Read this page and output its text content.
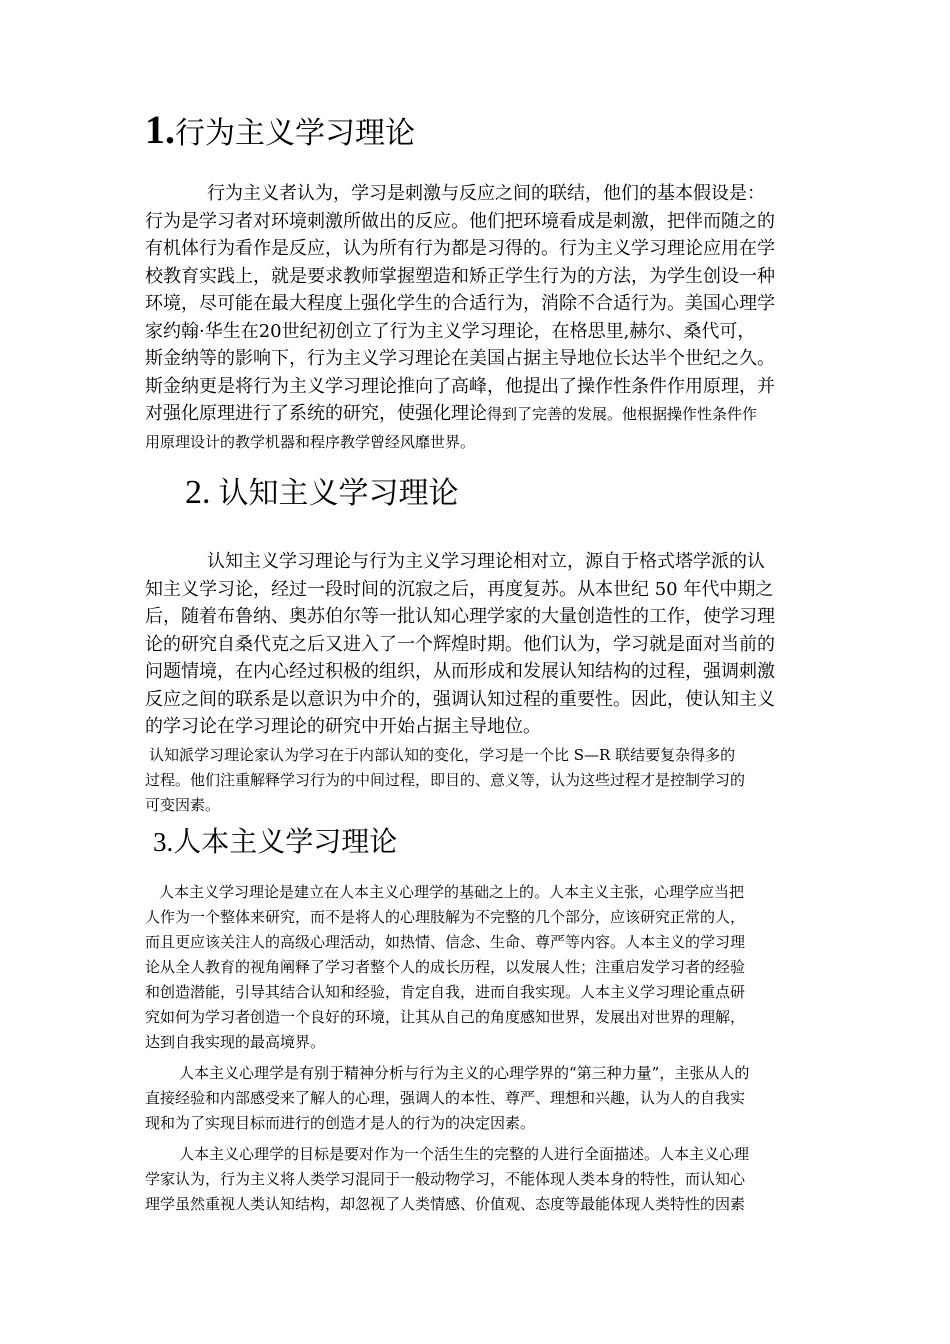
1.行为主义学习理论
行为主义者认为，学习是刺激与反应之间的联结，他们的基本假设是：
行为是学习者对环境刺激所做出的反应。他们把环境看成是刺激，把伴而随之的
有机体行为看作是反应，认为所有行为都是习得的。行为主义学习理论应用在学
校教育实践上，就是要求教师掌握塑造和矫正学生行为的方法，为学生创设一种
环境，尽可能在最大程度上强化学生的合适行为，消除不合适行为。美国心理学
家约翰·华生在20世纪初创立了行为主义学习理论，在格思里,赫尔、桑代可，
斯金纳等的影响下，行为主义学习理论在美国占据主导地位长达半个世纪之久。
斯金纳更是将行为主义学习理论推向了高峰，他提出了操作性条件作用原理，并
对强化原理进行了系统的研究，使强化理论得到了完善的发展。他根据操作性条件作
用原理设计的教学机器和程序教学曾经风靡世界。
2. 认知主义学习理论
认知主义学习理论与行为主义学习理论相对立，源自于格式塔学派的认
知主义学习论，经过一段时间的沉寂之后，再度复苏。从本世纪 50 年代中期之
后，随着布鲁纳、奥苏伯尔等一批认知心理学家的大量创造性的工作，使学习理
论的研究自桑代克之后又进入了一个辉煌时期。他们认为，学习就是面对当前的
问题情境，在内心经过积极的组织，从而形成和发展认知结构的过程，强调刺激
反应之间的联系是以意识为中介的，强调认知过程的重要性。因此，使认知主义
的学习论在学习理论的研究中开始占据主导地位。
认知派学习理论家认为学习在于内部认知的变化，学习是一个比 S—R 联结要复杂得多的
过程。他们注重解释学习行为的中间过程，即目的、意义等，认为这些过程才是控制学习的
可变因素。
3.人本主义学习理论
人本主义学习理论是建立在人本主义心理学的基础之上的。人本主义主张，心理学应当把
人作为一个整体来研究，而不是将人的心理肢解为不完整的几个部分，应该研究正常的人，
而且更应该关注人的高级心理活动，如热情、信念、生命、尊严等内容。人本主义的学习理
论从全人教育的视角阐释了学习者整个人的成长历程，以发展人性；注重启发学习者的经验
和创造潜能，引导其结合认知和经验，肯定自我，进而自我实现。人本主义学习理论重点研
究如何为学习者创造一个良好的环境，让其从自己的角度感知世界，发展出对世界的理解，
达到自我实现的最高境界。
人本主义心理学是有别于精神分析与行为主义的心理学界的“第三种力量”，主张从人的
直接经验和内部感受来了解人的心理，强调人的本性、尊严、理想和兴趣，认为人的自我实
现和为了实现目标而进行的创造才是人的行为的决定因素。
人本主义心理学的目标是要对作为一个活生生的完整的人进行全面描述。人本主义心理
学家认为，行为主义将人类学习混同于一般动物学习，不能体现人类本身的特性，而认知心
理学虽然重视人类认知结构，却忽视了人类情感、价值观、态度等最能体现人类特性的因素
